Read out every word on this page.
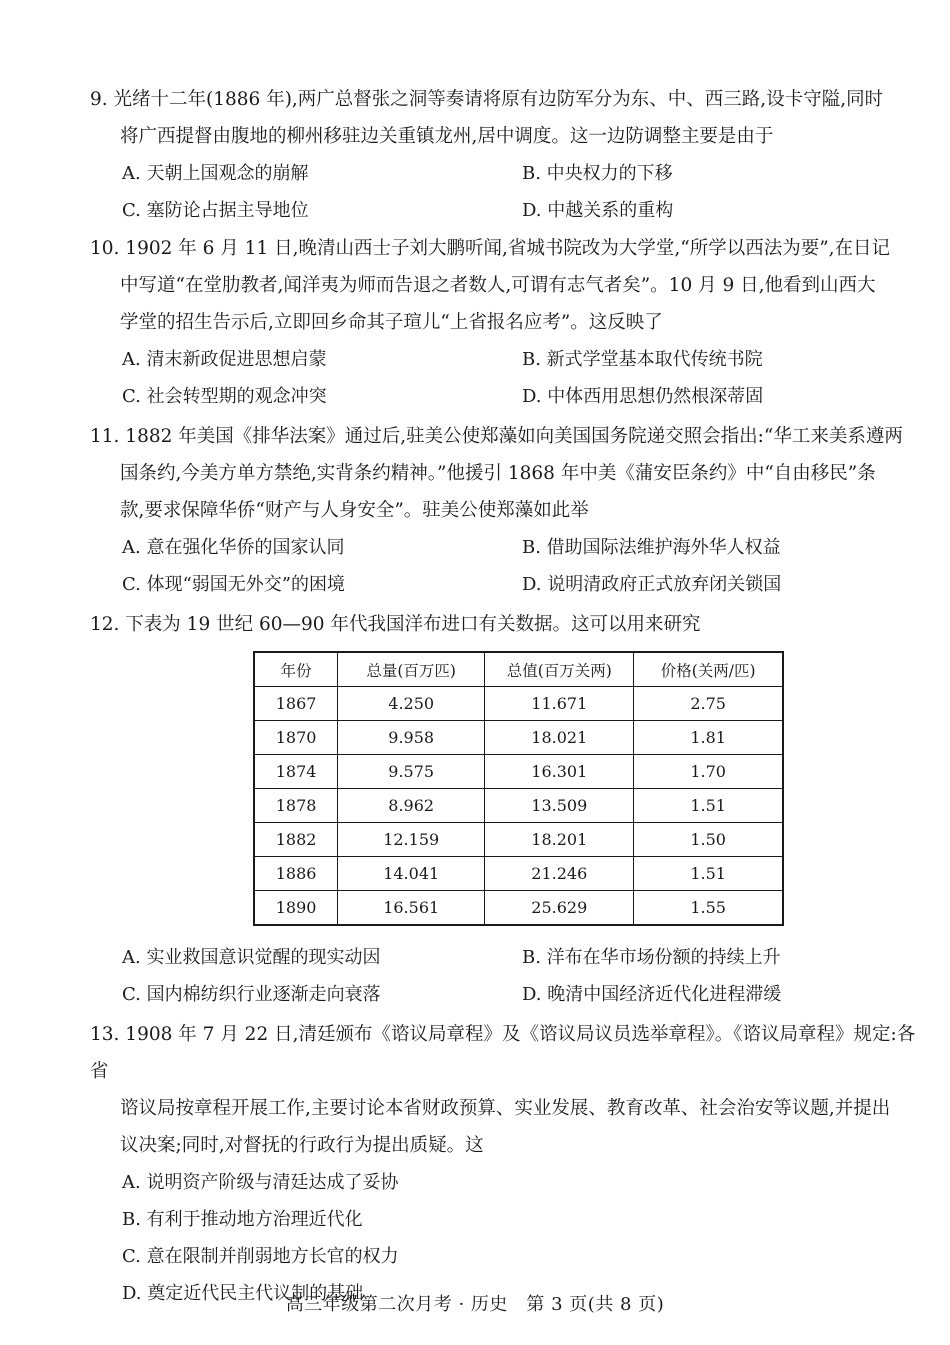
9. 光绪十二年(1886 年),两广总督张之洞等奏请将原有边防军分为东、中、西三路,设卡守隘,同时
将广西提督由腹地的柳州移驻边关重镇龙州,居中调度。这一边防调整主要是由于
A. 天朝上国观念的崩解	B. 中央权力的下移
C. 塞防论占据主导地位	D. 中越关系的重构
10. 1902 年 6 月 11 日,晚清山西士子刘大鹏听闻,省城书院改为大学堂,“所学以西法为要”,在日记
中写道“在堂肋教者,闻洋夷为师而告退之者数人,可谓有志气者矣”。10 月 9 日,他看到山西大
学堂的招生告示后,立即回乡命其子瑄儿“上省报名应考”。这反映了
A. 清末新政促进思想启蒙	B. 新式学堂基本取代传统书院
C. 社会转型期的观念冲突	D. 中体西用思想仍然根深蒂固
11. 1882 年美国《排华法案》通过后,驻美公使郑藻如向美国国务院递交照会指出:“华工来美系遵两
国条约,今美方单方禁绝,实背条约精神。”他援引 1868 年中美《蒲安臣条约》中“自由移民”条
款,要求保障华侨“财产与人身安全”。驻美公使郑藻如此举
A. 意在强化华侨的国家认同	B. 借助国际法维护海外华人权益
C. 体现“弱国无外交”的困境	D. 说明清政府正式放弃闭关锁国
12. 下表为 19 世纪 60—90 年代我国洋布进口有关数据。这可以用来研究
年份	总量(百万匹)	总值(百万关两)	价格(关两/匹)
1867	4.250	11.671	2.75
1870	9.958	18.021	1.81
1874	9.575	16.301	1.70
1878	8.962	13.509	1.51
1882	12.159	18.201	1.50
1886	14.041	21.246	1.51
1890	16.561	25.629	1.55
A. 实业救国意识觉醒的现实动因	B. 洋布在华市场份额的持续上升
C. 国内棉纺织行业逐渐走向衰落	D. 晚清中国经济近代化进程滞缓
13. 1908 年 7 月 22 日,清廷颁布《谘议局章程》及《谘议局议员选举章程》。《谘议局章程》规定:各省
谘议局按章程开展工作,主要讨论本省财政预算、实业发展、教育改革、社会治安等议题,并提出
议决案;同时,对督抚的行政行为提出质疑。这
A. 说明资产阶级与清廷达成了妥协
B. 有利于推动地方治理近代化
C. 意在限制并削弱地方长官的权力
D. 奠定近代民主代议制的基础
高三年级第二次月考 · 历史　第 3 页(共 8 页)
